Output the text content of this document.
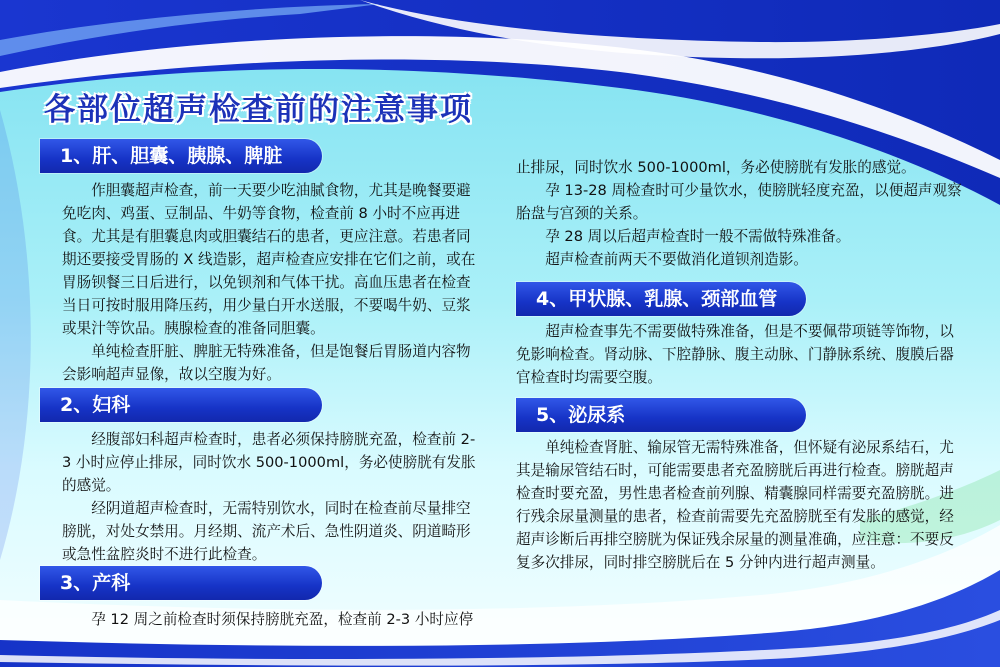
各部位超声检查前的注意事项
1、肝、胆囊、胰腺、脾脏

　　作胆囊超声检查，前一天要少吃油腻食物，尤其是晚餐要避免吃肉、鸡蛋、豆制品、牛奶等食物，检查前 8 小时不应再进食。尤其是有胆囊息肉或胆囊结石的患者，更应注意。若患者同期还要接受胃肠的 X 线造影，超声检查应安排在它们之前，或在胃肠钡餐三日后进行，以免钡剂和气体干扰。高血压患者在检查当日可按时服用降压药，用少量白开水送服，不要喝牛奶、豆浆或果汁等饮品。胰腺检查的准备同胆囊。

　　单纯检查肝脏、脾脏无特殊准备，但是饱餐后胃肠道内容物会影响超声显像，故以空腹为好。

2、妇科

　　经腹部妇科超声检查时，患者必须保持膀胱充盈，检查前 2-3 小时应停止排尿，同时饮水 500-1000ml，务必使膀胱有发胀的感觉。

　　经阴道超声检查时，无需特别饮水，同时在检查前尽量排空膀胱，对处女禁用。月经期、流产术后、急性阴道炎、阴道畸形或急性盆腔炎时不进行此检查。

3、产科

　　孕 12 周之前检查时须保持膀胱充盈，检查前 2-3 小时应停

止排尿，同时饮水 500-1000ml，务必使膀胱有发胀的感觉。

　　孕 13-28 周检查时可少量饮水，使膀胱轻度充盈，以便超声观察胎盘与宫颈的关系。

　　孕 28 周以后超声检查时一般不需做特殊准备。

　　超声检查前两天不要做消化道钡剂造影。

4、甲状腺、乳腺、颈部血管

　　超声检查事先不需要做特殊准备，但是不要佩带项链等饰物，以免影响检查。肾动脉、下腔静脉、腹主动脉、门静脉系统、腹膜后器官检查时均需要空腹。

5、泌尿系

　　单纯检查肾脏、输尿管无需特殊准备，但怀疑有泌尿系结石，尤其是输尿管结石时，可能需要患者充盈膀胱后再进行检查。膀胱超声检查时要充盈，男性患者检查前列腺、精囊腺同样需要充盈膀胱。进行残余尿量测量的患者，检查前需要先充盈膀胱至有发胀的感觉，经超声诊断后再排空膀胱为保证残余尿量的测量准确，应注意：不要反复多次排尿，同时排空膀胱后在 5 分钟内进行超声测量。
